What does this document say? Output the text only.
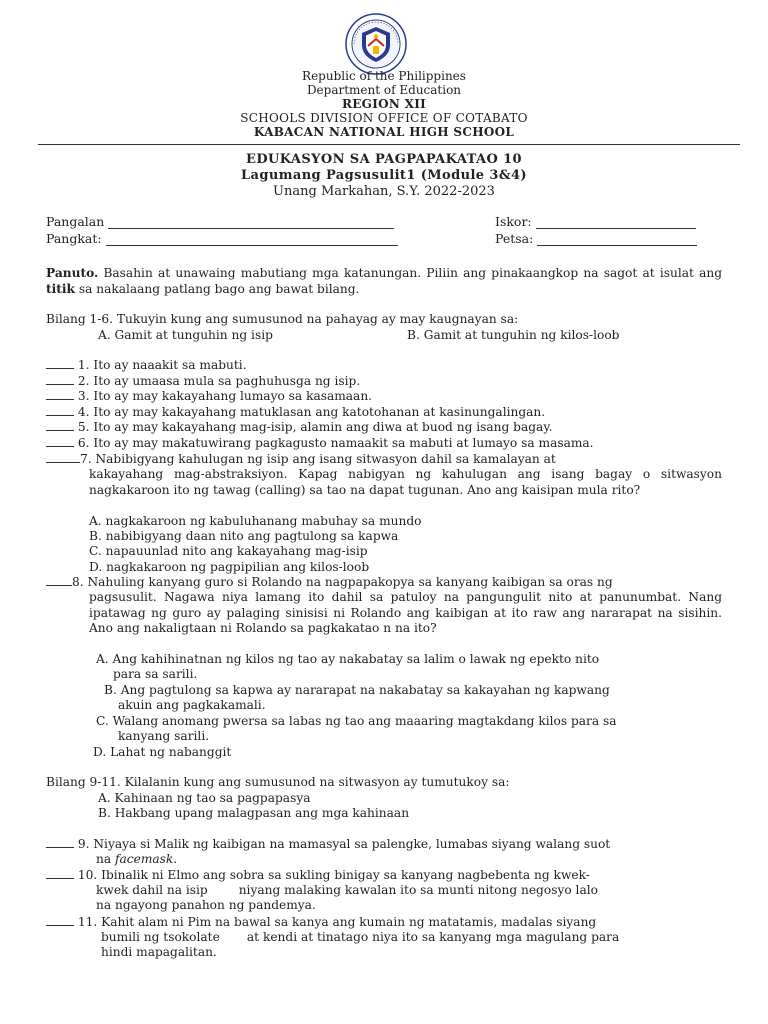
Republic of the Philippines
Department of Education
REGION XII
SCHOOLS DIVISION OFFICE OF COTABATO
KABACAN NATIONAL HIGH SCHOOL
EDUKASYON SA PAGPAPAKATAO 10
Lagumang Pagsusulit1 (Module 3&4)
Unang Markahan, S.Y. 2022-2023
Pangalan
Pangkat:
Iskor:
Petsa:
Panuto. Basahin at unawaing mabutiang mga katanungan. Piliin ang pinakaangkop na sagot at isulat ang titik sa nakalaang patlang bago ang bawat bilang.
Bilang 1-6. Tukuyin kung ang sumusunod na pahayag ay may kaugnayan sa:
A. Gamit at tunguhin ng isip	B. Gamit at tunguhin ng kilos-loob
1. Ito ay naaakit sa mabuti.
2. Ito ay umaasa mula sa paghuhusga ng isip.
3. Ito ay may kakayahang lumayo sa kasamaan.
4. Ito ay may kakayahang matuklasan ang katotohanan at kasinungalingan.
5. Ito ay may kakayahang mag-isip, alamin ang diwa at buod ng isang bagay.
6. Ito ay may makatuwirang pagkagusto namaakit sa mabuti at lumayo sa masama.
7. Nabibigyang kahulugan ng isip ang isang sitwasyon dahil sa kamalayan at
kakayahang mag-abstraksiyon. Kapag nabigyan ng kahulugan ang isang bagay o sitwasyon nagkakaroon ito ng tawag (calling) sa tao na dapat tugunan. Ano ang kaisipan mula rito?
A. nagkakaroon ng kabuluhanang mabuhay sa mundo
B. nabibigyang daan nito ang pagtulong sa kapwa
C. napauunlad nito ang kakayahang mag-isip
D. nagkakaroon ng pagpipilian ang kilos-loob
8. Nahuling kanyang guro si Rolando na nagpapakopya sa kanyang kaibigan sa oras ng
pagsusulit. Nagawa niya lamang ito dahil sa patuloy na pangungulit nito at panunumbat. Nang ipatawag ng guro ay palaging sinisisi ni Rolando ang kaibigan at ito raw ang nararapat na sisihin. Ano ang nakaligtaan ni Rolando sa pagkakatao n na ito?
A. Ang kahihinatnan ng kilos ng tao ay nakabatay sa lalim o lawak ng epekto nito
para sa sarili.
B. Ang pagtulong sa kapwa ay nararapat na nakabatay sa kakayahan ng kapwang
akuin ang pagkakamali.
C. Walang anomang pwersa sa labas ng tao ang maaaring magtakdang kilos para sa
kanyang sarili.
D. Lahat ng nabanggit
Bilang 9-11. Kilalanin kung ang sumusunod na sitwasyon ay tumutukoy sa:
A. Kahinaan ng tao sa pagpapasya
B. Hakbang upang malagpasan ang mga kahinaan
9. Niyaya si Malik ng kaibigan na mamasyal sa palengke, lumabas siyang walang suot
na facemask.
10. Ibinalik ni Elmo ang sobra sa sukling binigay sa kanyang nagbebenta ng kwek-
kwek dahil na isip        niyang malaking kawalan ito sa munti nitong negosyo lalo
na ngayong panahon ng pandemya.
11. Kahit alam ni Pim na bawal sa kanya ang kumain ng matatamis, madalas siyang
bumili ng tsokolate       at kendi at tinatago niya ito sa kanyang mga magulang para
hindi mapagalitan.
